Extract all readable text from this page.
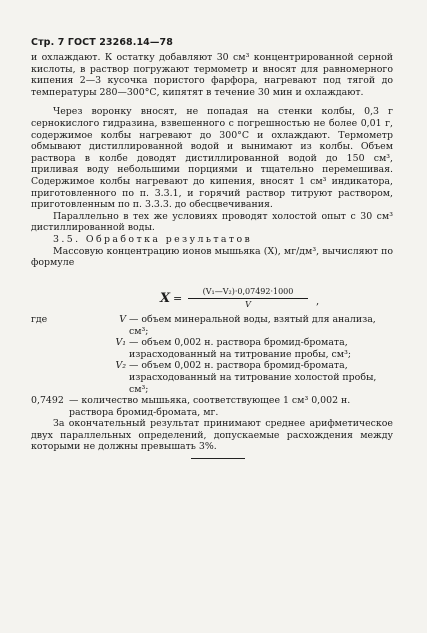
Стр. 7 ГОСТ 23268.14—78

и охлаждают. К остатку добавляют 30 см³ концентрированной серной кислоты, в раствор погружают термометр и вносят для равномерного кипения 2—3 кусочка пористого фарфора, нагревают под тягой до температуры 280—300°С, кипятят в течение 30 мин и охлаждают.

Через воронку вносят, не попадая на стенки колбы, 0,3 г сернокислого гидразина, взвешенного с погрешностью не более 0,01 г, содержимое колбы нагревают до 300°С и охлаждают. Термометр обмывают дистиллированной водой и вынимают из колбы. Объем раствора в колбе доводят дистиллированной водой до 150 см³, приливая воду небольшими порциями и тщательно перемешивая. Содержимое колбы нагревают до кипения, вносят 1 см³ индикатора, приготовленного по п. 3.3.1, и горячий раствор титруют раствором, приготовленным по п. 3.3.3. до обесцвечивания.

Параллельно в тех же условиях проводят холостой опыт с 30 см³ дистиллированной воды.

3.5. Обработка результатов

Массовую концентрацию ионов мышьяка (X), мг/дм³, вычисляют по формуле

X =
(V₁—V₂)·0,07492·1000
V	,

где	V — объем минеральной воды, взятый для анализа, см³;

V₁ — объем 0,002 н. раствора бромид-бромата, израсходованный на титрование пробы, см³;

V₂ — объем 0,002 н. раствора бромид-бромата, израсходованный на титрование холостой пробы, см³;

0,7492 — количество мышьяка, соответствующее 1 см³ 0,002 н. раствора бромид-бромата, мг.

За окончательный результат принимают среднее арифметическое двух параллельных определений, допускаемые расхождения между которыми не должны превышать 3%.
